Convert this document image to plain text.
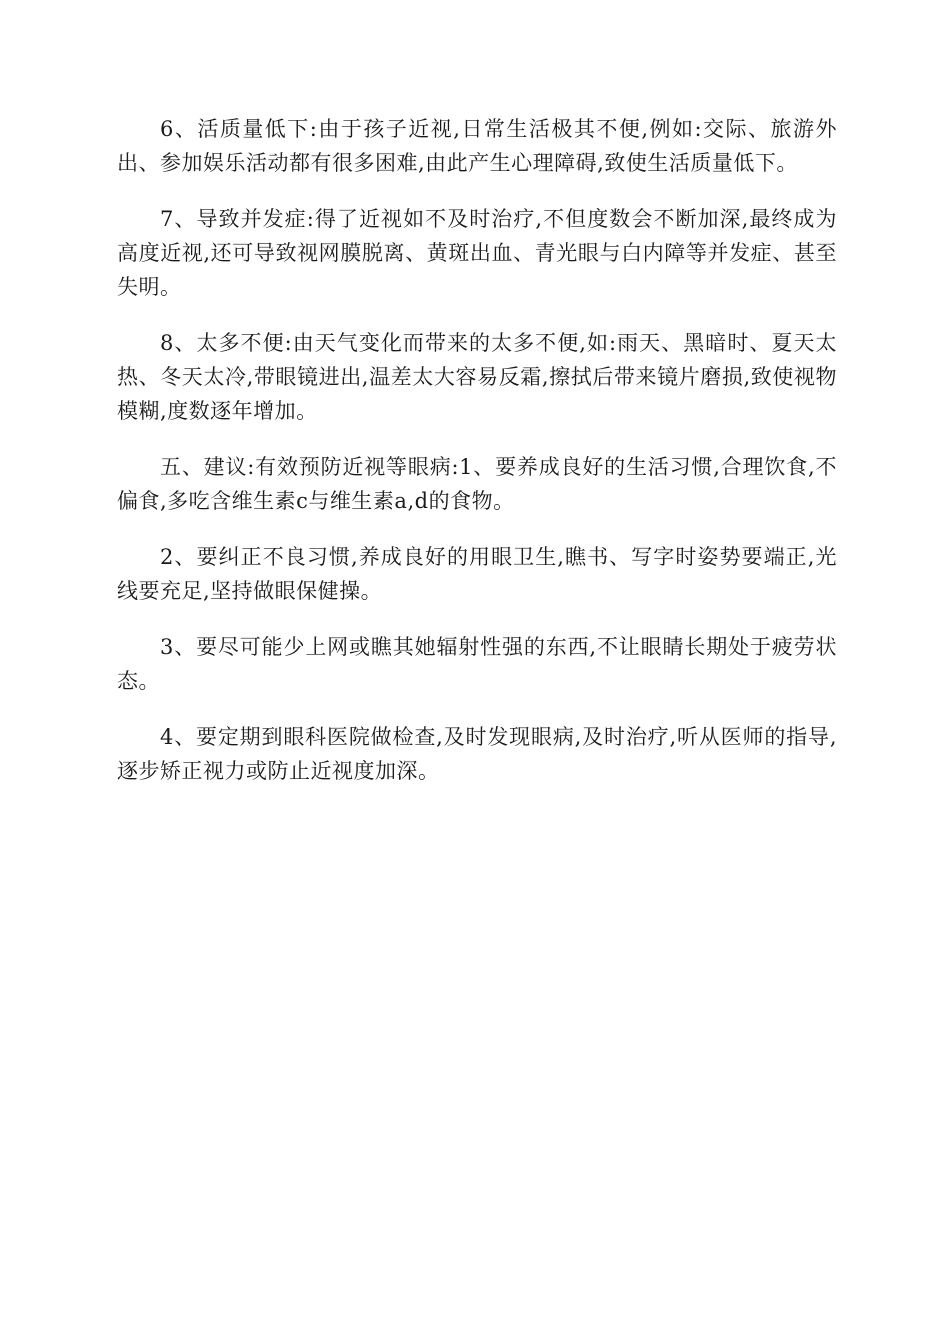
6、活质量低下:由于孩子近视,日常生活极其不便,例如:交际、旅游外出、参加娱乐活动都有很多困难,由此产生心理障碍,致使生活质量低下。

7、导致并发症:得了近视如不及时治疗,不但度数会不断加深,最终成为高度近视,还可导致视网膜脱离、黄斑出血、青光眼与白内障等并发症、甚至失明。

8、太多不便:由天气变化而带来的太多不便,如:雨天、黑暗时、夏天太热、冬天太冷,带眼镜进出,温差太大容易反霜,擦拭后带来镜片磨损,致使视物模糊,度数逐年增加。

五、建议:有效预防近视等眼病:1、要养成良好的生活习惯,合理饮食,不偏食,多吃含维生素c与维生素a,d的食物。

2、要纠正不良习惯,养成良好的用眼卫生,瞧书、写字时姿势要端正,光线要充足,坚持做眼保健操。

3、要尽可能少上网或瞧其她辐射性强的东西,不让眼睛长期处于疲劳状态。

4、要定期到眼科医院做检查,及时发现眼病,及时治疗,听从医师的指导,逐步矫正视力或防止近视度加深。
